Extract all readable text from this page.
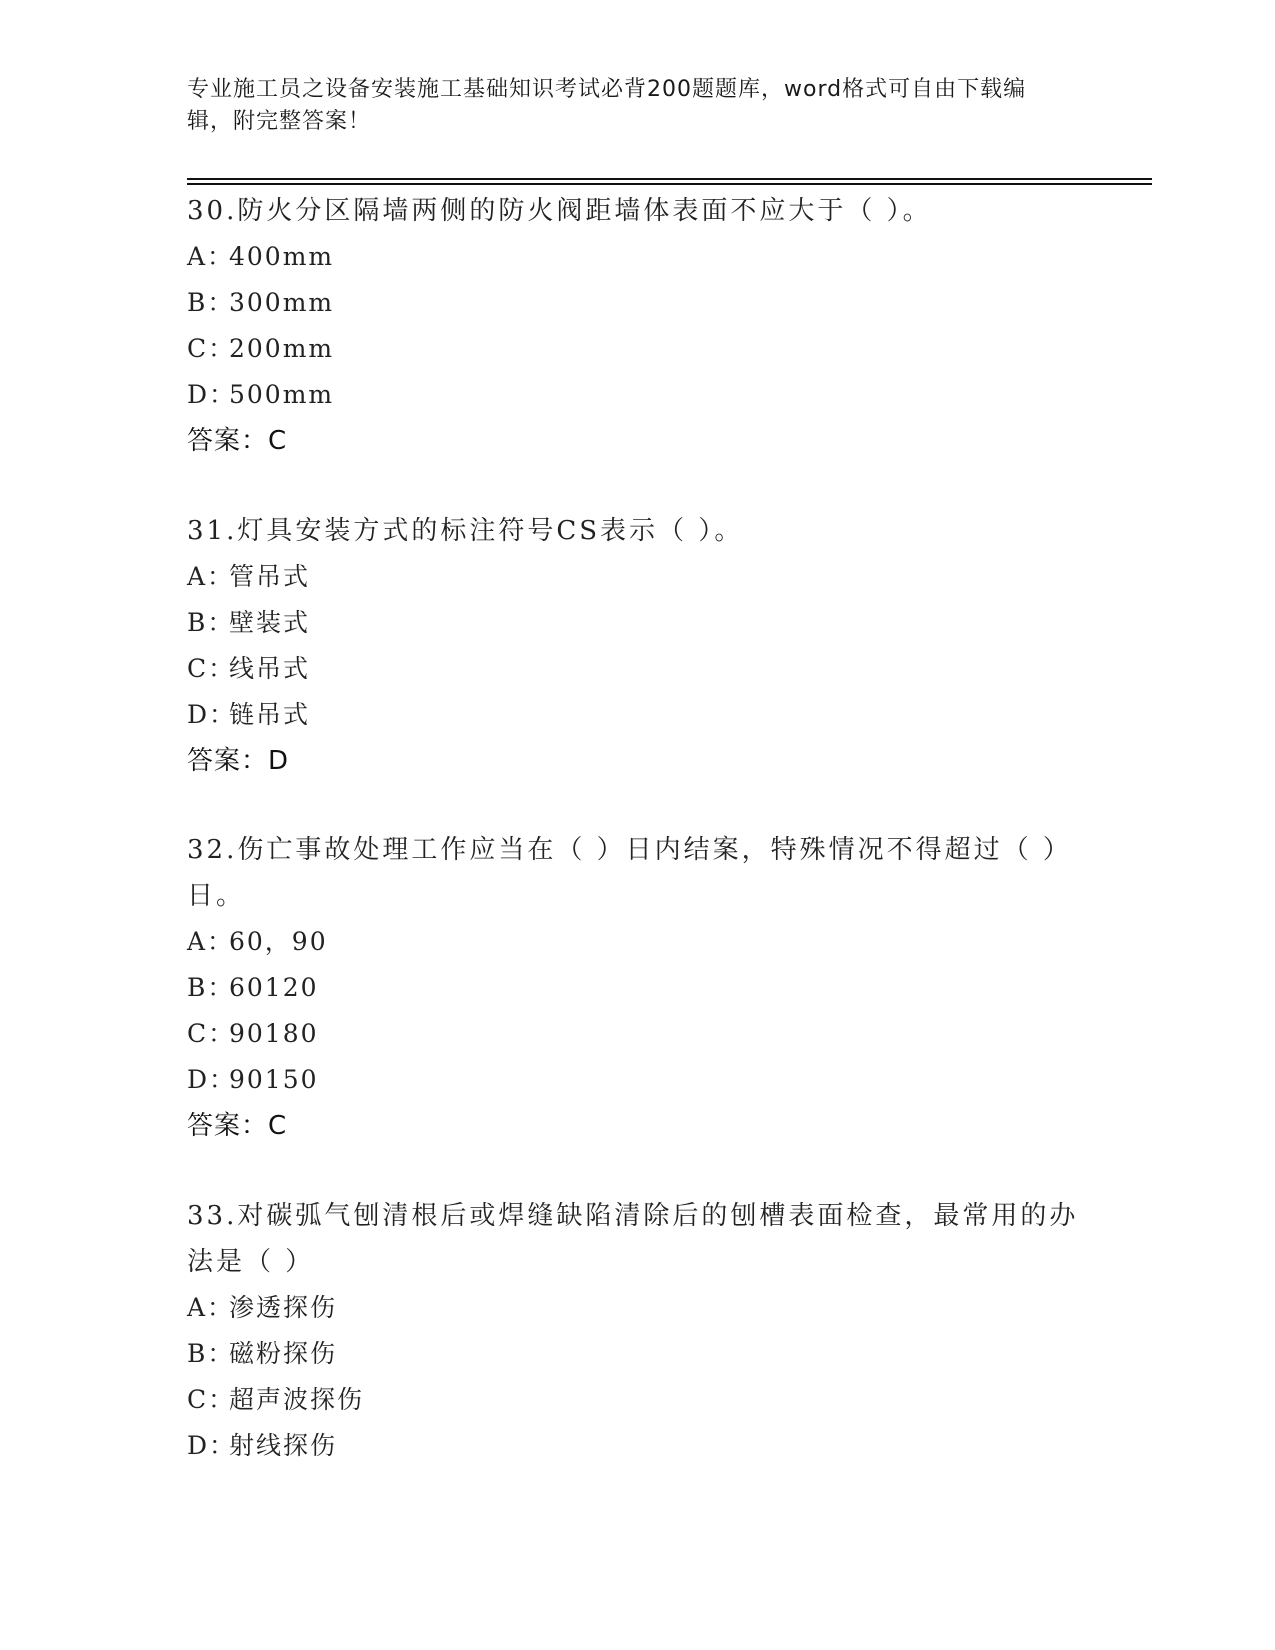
专业施工员之设备安装施工基础知识考试必背200题题库，word格式可自由下载编辑，附完整答案！

30.防火分区隔墙两侧的防火阀距墙体表面不应大于（ ）。

A：400mm
B：300mm
C：200mm
D：500mm
答案：C

31.灯具安装方式的标注符号CS表示（ ）。

A：管吊式
B：壁装式
C：线吊式
D：链吊式
答案：D

32.伤亡事故处理工作应当在（ ）日内结案，特殊情况不得超过（ ）日。

A：60，90
B：60120
C：90180
D：90150
答案：C

33.对碳弧气刨清根后或焊缝缺陷清除后的刨槽表面检查，最常用的办法是（ ）

A：渗透探伤
B：磁粉探伤
C：超声波探伤
D：射线探伤
